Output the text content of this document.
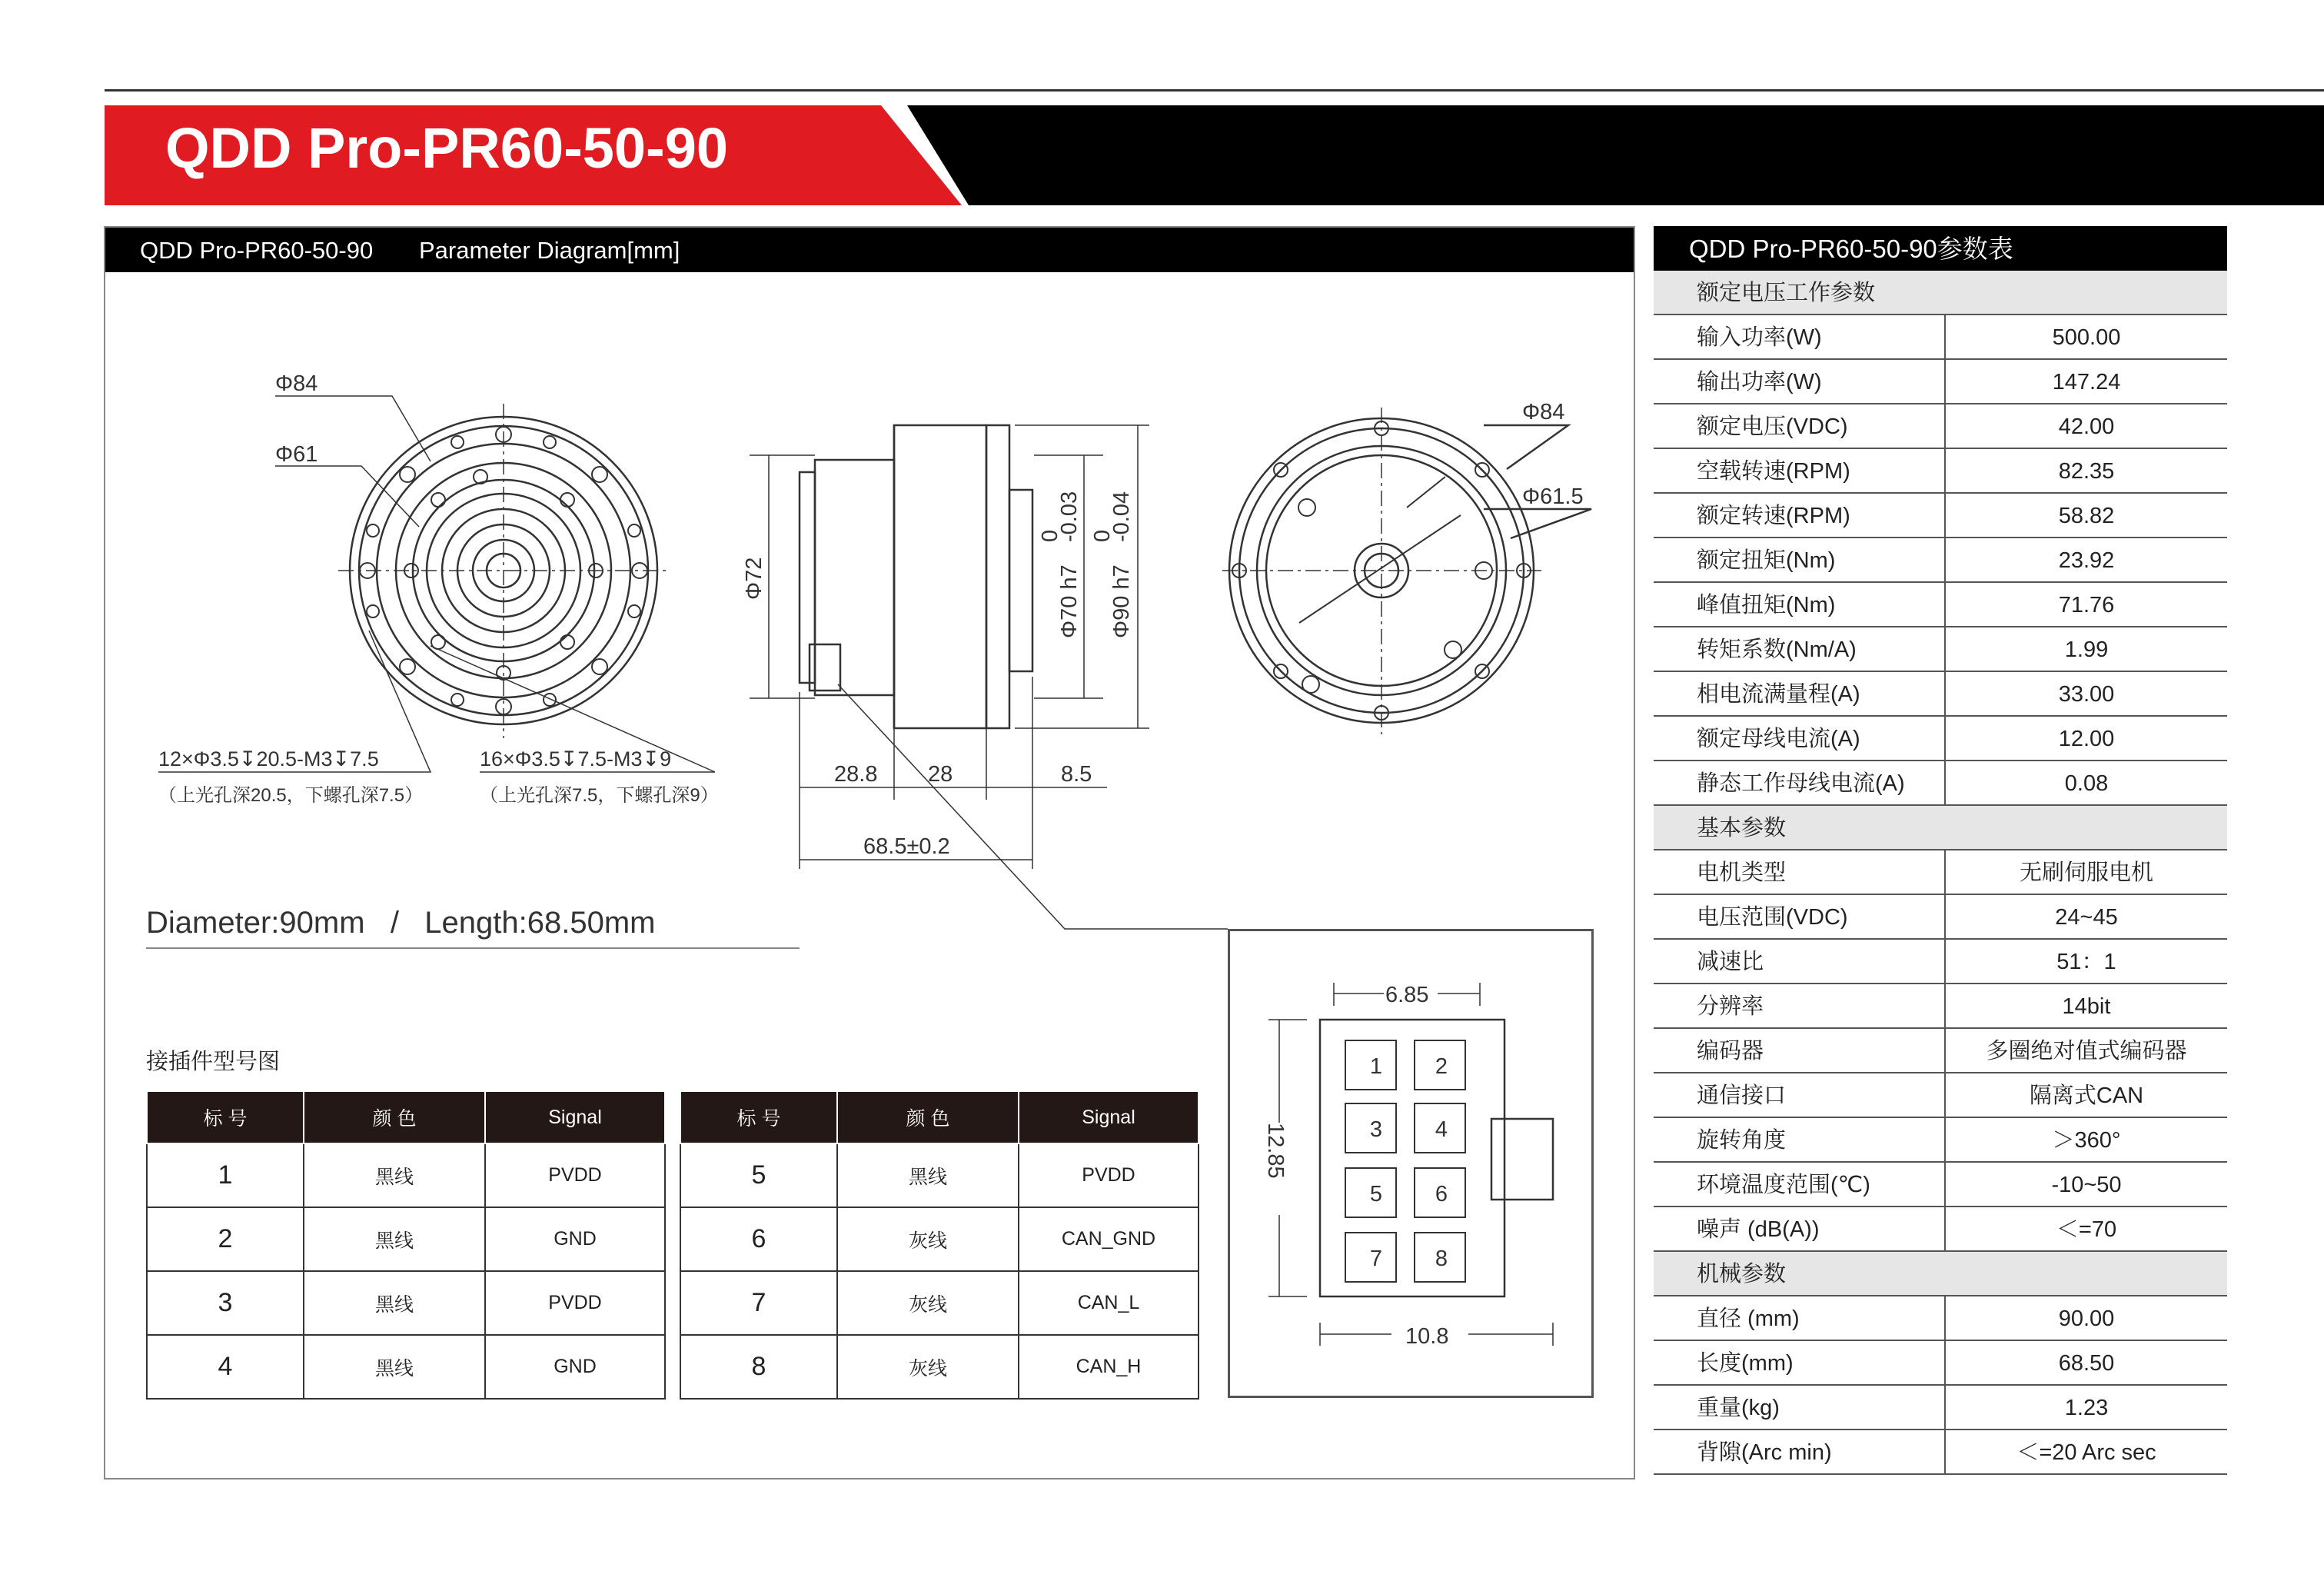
QDD Pro-PR60-50-90
QDD Pro-PR60-50-90 Parameter Diagram[mm]
Φ84
Φ61
Φ72	Φ70 h7
0
-0.03
Φ90 h7
0
-0.04
28.8 28	8.5
68.5±0.2
Φ84
Φ61.5
6.85
12.85
10.8
1 2
3 4
5 6
7 8
12×Φ3.5↧20.5-M3↧7.5
（上光孔深20.5，下螺孔深7.5）
16×Φ3.5↧7.5-M3↧9
（上光孔深7.5，下螺孔深9）
Diameter:90mm   /   Length:68.50mm
接插件型号图
标 号	颜 色	Signal
1	黑线	PVDD
2	黑线	GND
3	黑线	PVDD
4	黑线	GND
标 号	颜 色	Signal
5	黑线	PVDD
6	灰线	CAN_GND
7	灰线	CAN_L
8	灰线	CAN_H
QDD Pro-PR60-50-90参数表
额定电压工作参数
输入功率(W)	500.00
输出功率(W)	147.24
额定电压(VDC)	42.00
空载转速(RPM)	82.35
额定转速(RPM)	58.82
额定扭矩(Nm)	23.92
峰值扭矩(Nm)	71.76
转矩系数(Nm/A)	1.99
相电流满量程(A)	33.00
额定母线电流(A)	12.00
静态工作母线电流(A)	0.08
基本参数
电机类型	无刷伺服电机
电压范围(VDC)	24~45
减速比	51：1
分辨率	14bit
编码器	多圈绝对值式编码器
通信接口	隔离式CAN
旋转角度	＞360°
环境温度范围(℃)	-10~50
噪声 (dB(A))	＜=70
机械参数
直径 (mm)	90.00
长度(mm)	68.50
重量(kg)	1.23
背隙(Arc min)	＜=20 Arc sec
